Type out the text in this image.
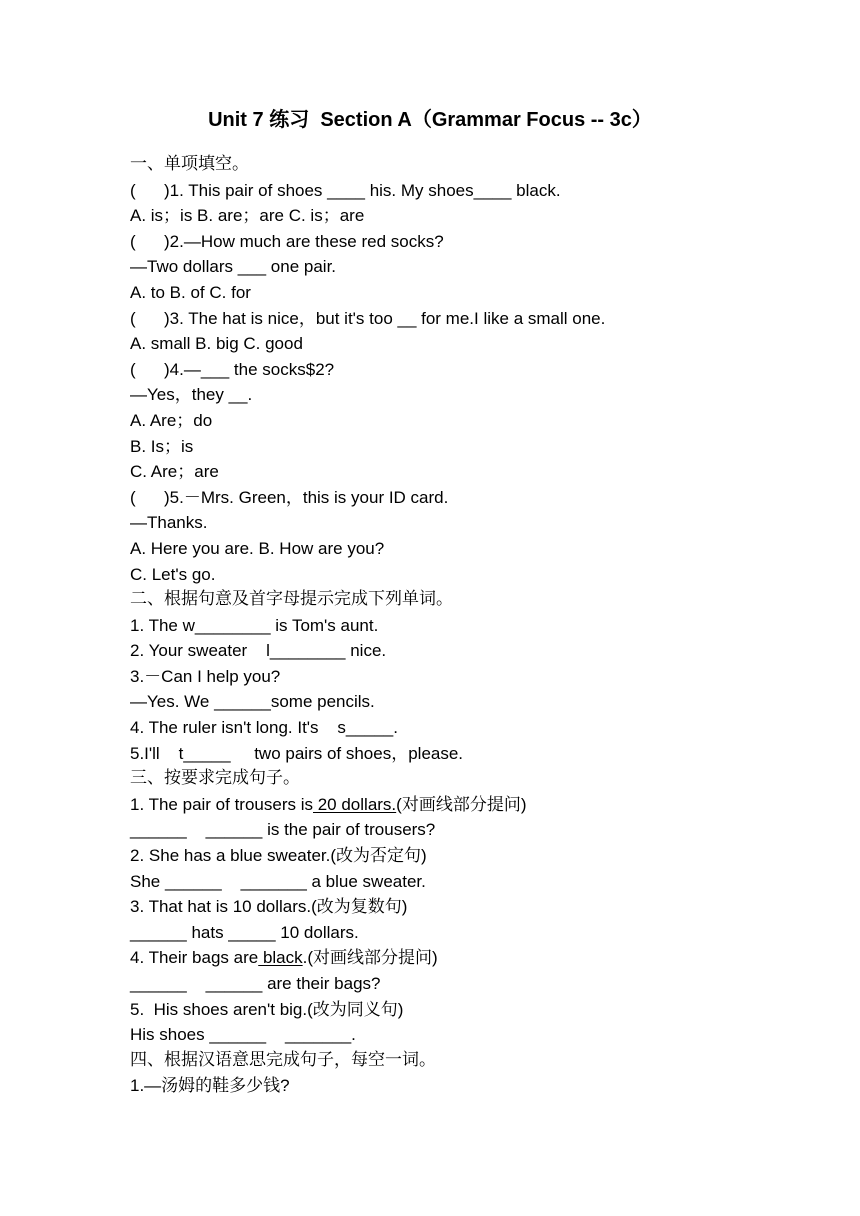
Unit 7 练习  Section A（Grammar Focus -- 3c）
一、单项填空。
(      )1. This pair of shoes ____ his. My shoes____ black.
A. is；is B. are；are C. is；are
(      )2.—How much are these red socks?
—Two dollars ___ one pair.
A. to B. of C. for
(      )3. The hat is nice，but it's too __ for me.I like a small one.
A. small B. big C. good
(      )4.—___ the socks$2?
—Yes，they __.
A. Are；do
B. Is；is
C. Are；are
(      )5.－Mrs. Green，this is your ID card.
—Thanks.
A. Here you are. B. How are you?
C. Let's go.
二、根据句意及首字母提示完成下列单词。
1. The w________ is Tom's aunt.
2. Your sweater    l________ nice.
3.－Can I help you?
—Yes. We ______some pencils.
4. The ruler isn't long. It's    s_____.
5.I'll    t_____     two pairs of shoes，please.
三、按要求完成句子。
1. The pair of trousers is 20 dollars.(对画线部分提问)
______    ______ is the pair of trousers?
2. She has a blue sweater.(改为否定句)
She ______    _______ a blue sweater.
3. That hat is 10 dollars.(改为复数句)
______ hats _____ 10 dollars.
4. Their bags are black.(对画线部分提问)
______    ______ are their bags?
5.  His shoes aren't big.(改为同义句)
His shoes ______    _______.
四、根据汉语意思完成句子，每空一词。
1.—汤姆的鞋多少钱?
